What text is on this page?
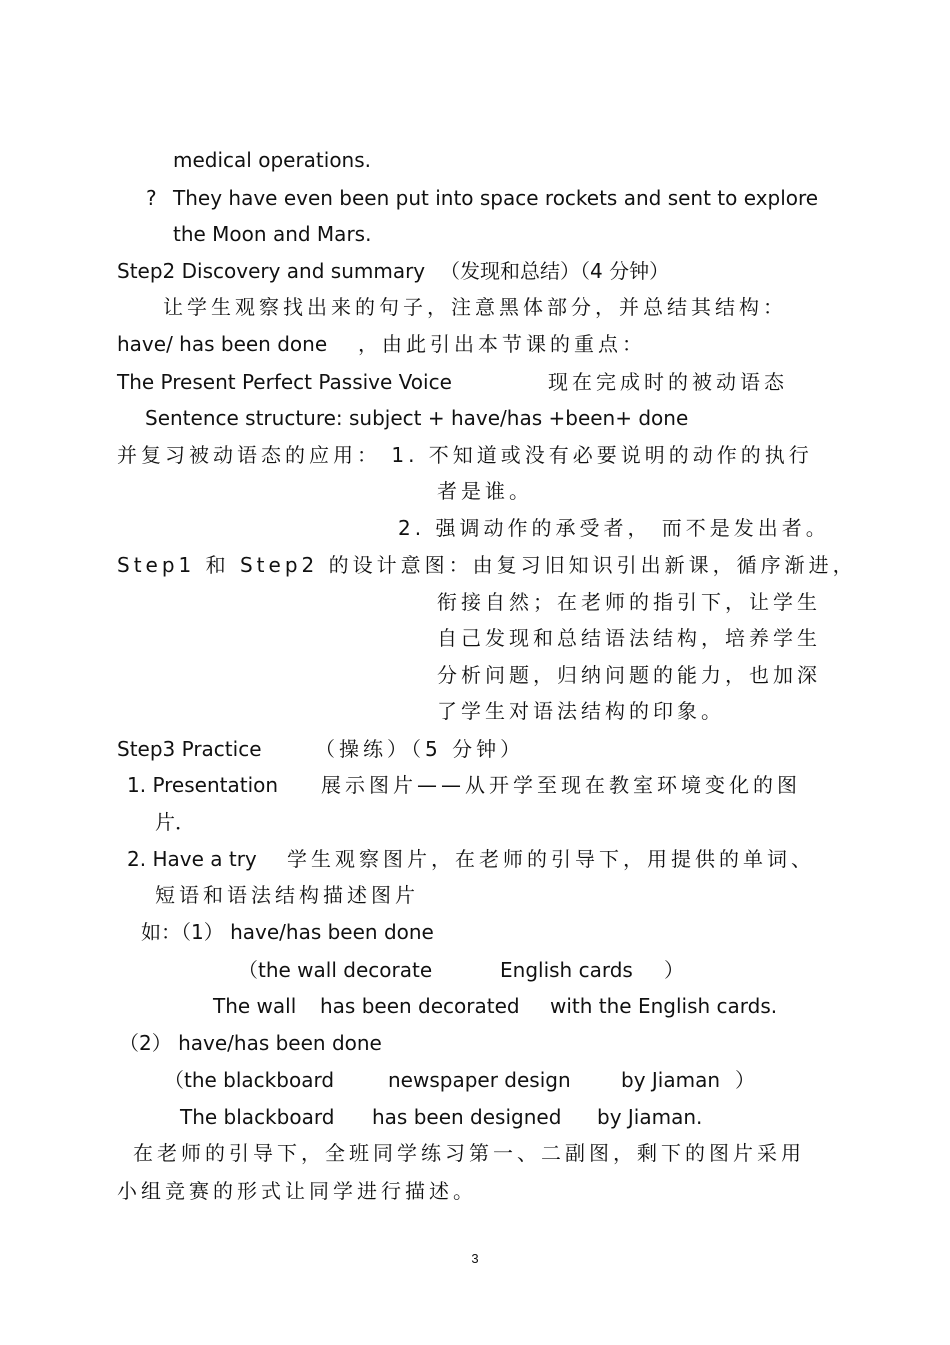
medical operations.
? They have even been put into space rockets and sent to explore
the Moon and Mars.
Step2 Discovery and summary （发现和总结）（4 分钟）
让学生观察找出来的句子，注意黑体部分，并总结其结构：
have/ has been done ，由此引出本节课的重点：
The Present Perfect Passive Voice	现在完成时的被动语态
Sentence structure: subject + have/has +been+ done
并复习被动语态的应用： 1. 不知道或没有必要说明的动作的执行
者是谁。
2. 强调动作的承受者， 而不是发出者。
Step1 和 Step2 的设计意图：由复习旧知识引出新课，循序渐进，
衔接自然；在老师的指引下，让学生
自己发现和总结语法结构，培养学生
分析问题，归纳问题的能力，也加深
了学生对语法结构的印象。
Step3 Practice	（操练）（5 分钟）
1. Presentation 展示图片——从开学至现在教室环境变化的图
片．
2. Have a try 学生观察图片，在老师的引导下，用提供的单词、
短语和语法结构描述图片
如：（1） have/has been done
（the wall decorate	English cards ）
The wall has been decorated with the English cards.
（2） have/has been done
（the blackboard	newspaper design	by Jiaman ）
The blackboard has been designed by Jiaman.
在老师的引导下，全班同学练习第一、二副图，剩下的图片采用
小组竞赛的形式让同学进行描述。
3
